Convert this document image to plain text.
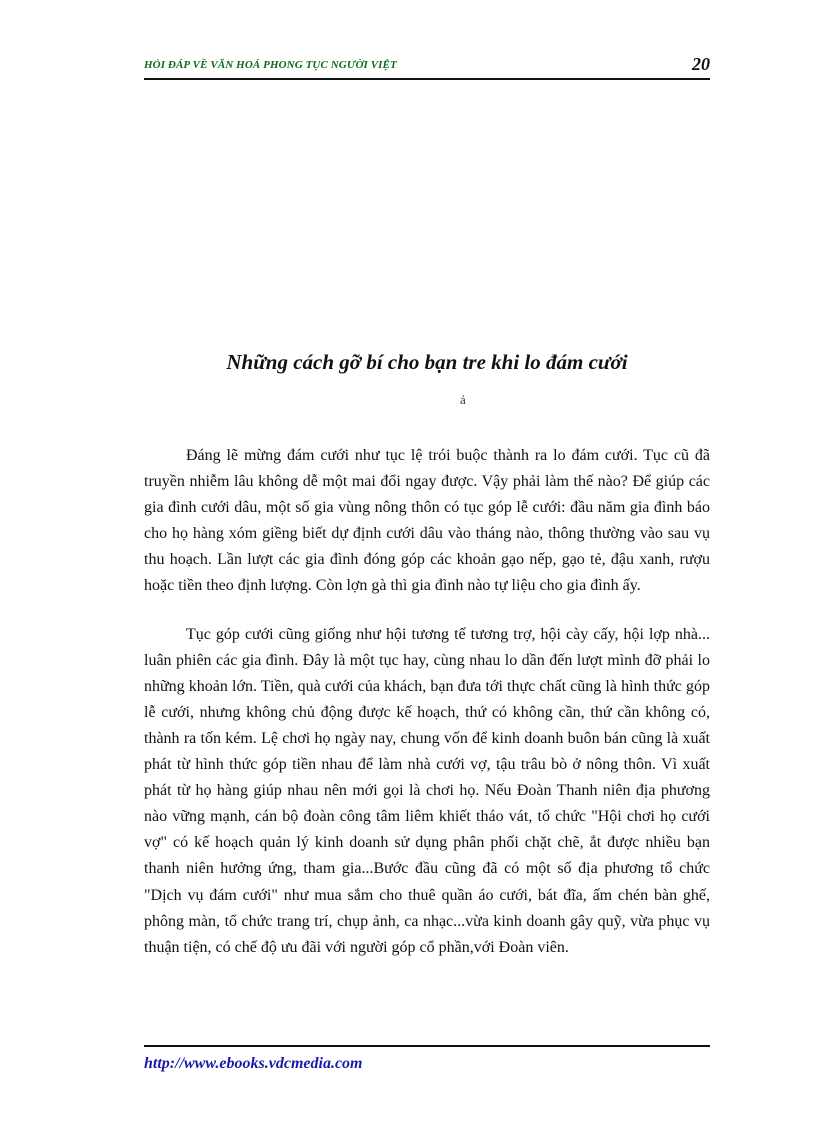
HỎI ĐÁP VỀ VĂN HOÁ PHONG TỤC NGƯỜI VIỆT	20
Những cách gỡ bí cho bạn tre khi lo đám cưới
ả

Đáng lẽ mừng đám cưới như tục lệ trói buộc thành ra lo đám cưới. Tục cũ đã truyền nhiễm lâu không dễ một mai đổi ngay được. Vậy phải làm thế nào? Để giúp các gia đình cưới dâu, một số gia vùng nông thôn có tục góp lễ cưới: đầu năm gia đình báo cho họ hàng xóm giềng biết dự định cưới dâu vào tháng nào, thông thường vào sau vụ thu hoạch. Lần lượt các gia đình đóng góp các khoản gạo nếp, gạo tẻ, đậu xanh, rượu hoặc tiền theo định lượng. Còn lợn gà thì gia đình nào tự liệu cho gia đình ấy.

Tục góp cưới cũng giống như hội tương tế tương trợ, hội cày cấy, hội lợp nhà... luân phiên các gia đình. Đây là một tục hay, cùng nhau lo dần đến lượt mình đỡ phải lo những khoản lớn. Tiền, quà cưới của khách, bạn đưa tới thực chất cũng là hình thức góp lễ cưới, nhưng không chủ động được kế hoạch, thứ có không cần, thứ cần không có, thành ra tốn kém. Lệ chơi họ ngày nay, chung vốn để kinh doanh buôn bán cũng là xuất phát từ hình thức góp tiền nhau để làm nhà cưới vợ, tậu trâu bò ở nông thôn. Vì xuất phát từ họ hàng giúp nhau nên mới gọi là chơi họ. Nếu Đoàn Thanh niên địa phương nào vững mạnh, cán bộ đoàn công tâm liêm khiết tháo vát, tổ chức "Hội chơi họ cưới vợ" có kế hoạch quản lý kinh doanh sử dụng phân phối chặt chẽ, ắt được nhiều bạn thanh niên hưởng ứng, tham gia...Bước đầu cũng đã có một số địa phương tổ chức "Dịch vụ đám cưới" như mua sắm cho thuê quần áo cưới, bát đĩa, ấm chén bàn ghế, phông màn, tổ chức trang trí, chụp ảnh, ca nhạc...vừa kinh doanh gây quỹ, vừa phục vụ thuận tiện, có chế độ ưu đãi với người góp cổ phần,với Đoàn viên.

http://www.ebooks.vdcmedia.com
